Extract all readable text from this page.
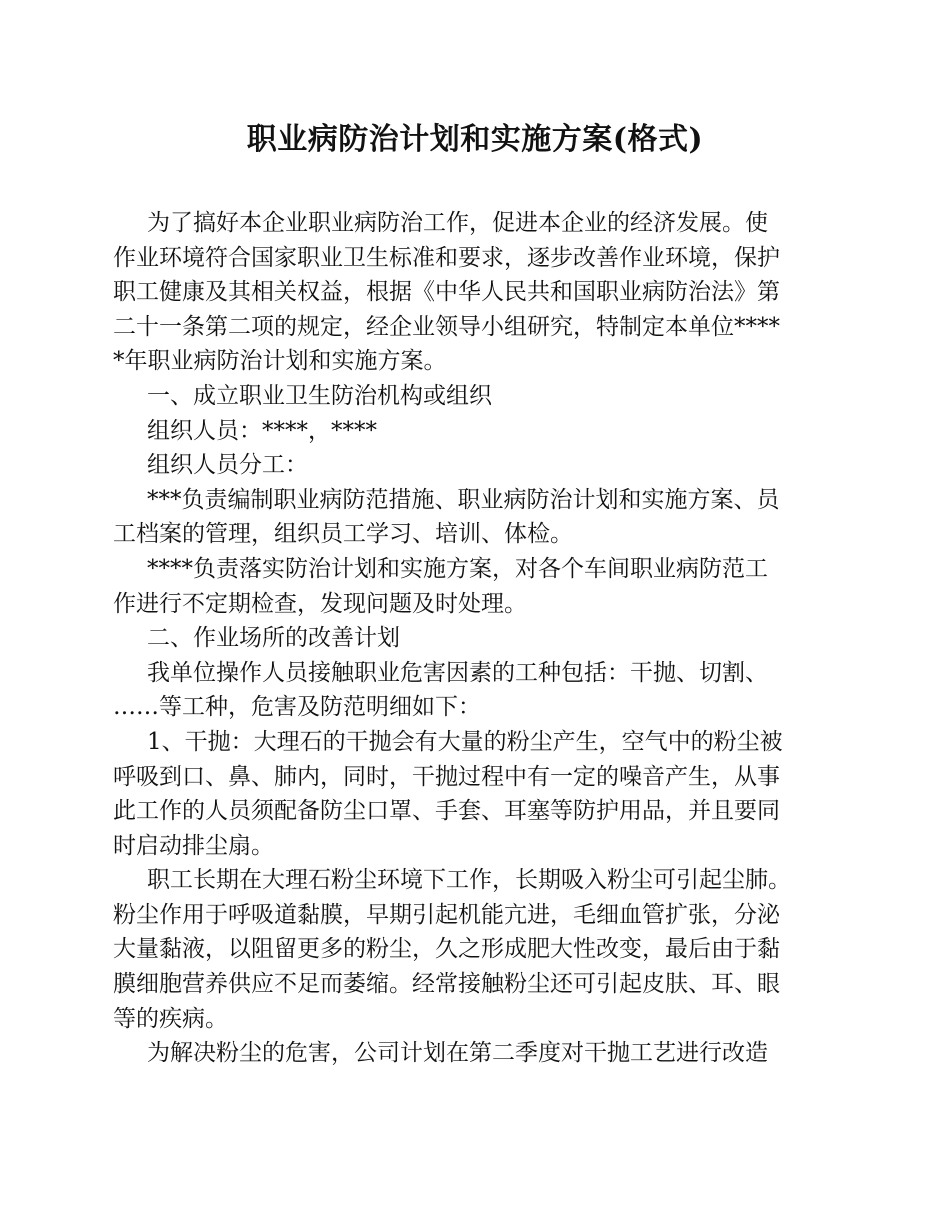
职业病防治计划和实施方案(格式)
为了搞好本企业职业病防治工作，促进本企业的经济发展。使
作业环境符合国家职业卫生标准和要求，逐步改善作业环境，保护
职工健康及其相关权益，根据《中华人民共和国职业病防治法》第
二十一条第二项的规定，经企业领导小组研究，特制定本单位****
*年职业病防治计划和实施方案。
一、成立职业卫生防治机构或组织
组织人员：****，****
组织人员分工：
***负责编制职业病防范措施、职业病防治计划和实施方案、员
工档案的管理，组织员工学习、培训、体检。
****负责落实防治计划和实施方案，对各个车间职业病防范工
作进行不定期检查，发现问题及时处理。
二、作业场所的改善计划
我单位操作人员接触职业危害因素的工种包括：干抛、切割、
……等工种，危害及防范明细如下：
1、干抛：大理石的干抛会有大量的粉尘产生，空气中的粉尘被
呼吸到口、鼻、肺内，同时，干抛过程中有一定的噪音产生，从事
此工作的人员须配备防尘口罩、手套、耳塞等防护用品，并且要同
时启动排尘扇。
职工长期在大理石粉尘环境下工作，长期吸入粉尘可引起尘肺。
粉尘作用于呼吸道黏膜，早期引起机能亢进，毛细血管扩张，分泌
大量黏液，以阻留更多的粉尘，久之形成肥大性改变，最后由于黏
膜细胞营养供应不足而萎缩。经常接触粉尘还可引起皮肤、耳、眼
等的疾病。
为解决粉尘的危害，公司计划在第二季度对干抛工艺进行改造
